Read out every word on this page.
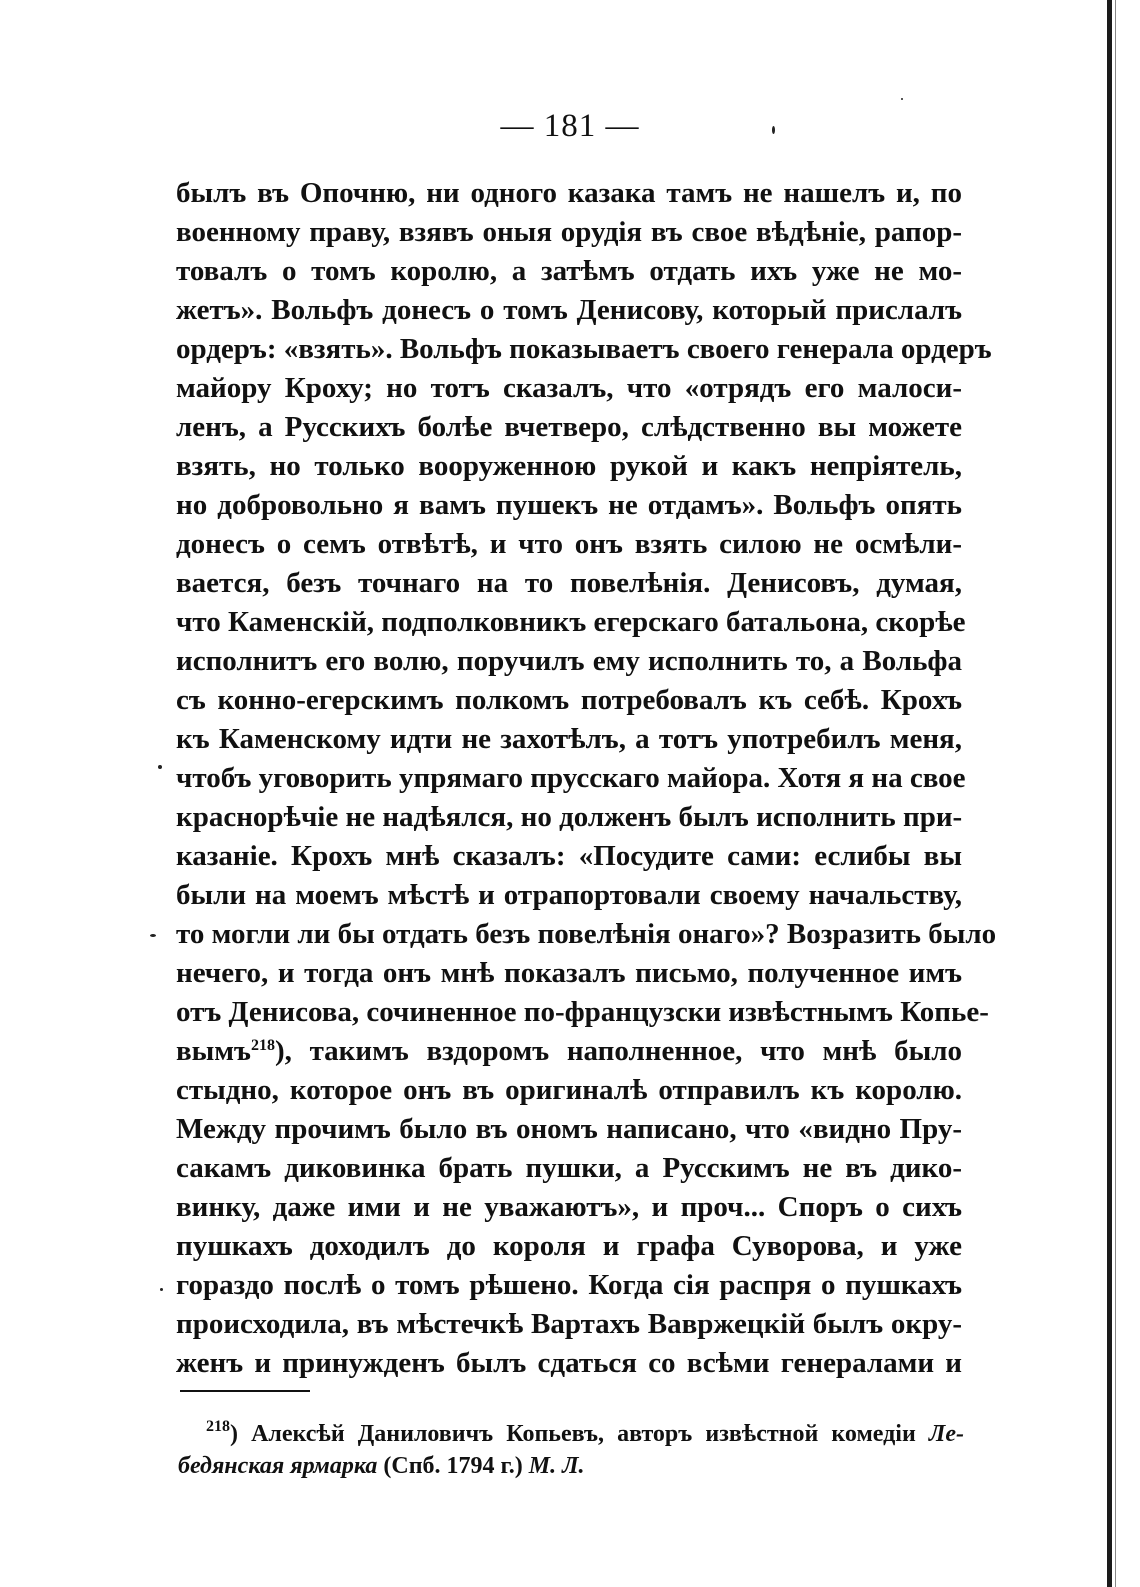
— 181 —
былъ въ Опочню, ни одного казака тамъ не нашелъ и, по
военному праву, взявъ оныя орудія въ свое вѣдѣніе, рапор-
товалъ о томъ королю, а затѣмъ отдать ихъ уже не мо-
жетъ». Вольфъ донесъ о томъ Денисову, который прислалъ
ордеръ: «взять». Вольфъ показываетъ своего генерала ордеръ
майору Кроху; но тотъ сказалъ, что «отрядъ его малоси-
ленъ, а Русскихъ болѣе вчетверо, слѣдственно вы можете
взять, но только вооруженною рукой и какъ непріятель,
но добровольно я вамъ пушекъ не отдамъ». Вольфъ опять
донесъ о семъ отвѣтѣ, и что онъ взять силою не осмѣли-
вается, безъ точнаго на то повелѣнія. Денисовъ, думая,
что Каменскій, подполковникъ егерскаго батальона, скорѣе
исполнитъ его волю, поручилъ ему исполнить то, а Вольфа
съ конно-егерскимъ полкомъ потребовалъ къ себѣ. Крохъ
къ Каменскому идти не захотѣлъ, а тотъ употребилъ меня,
чтобъ уговорить упрямаго прусскаго майора. Хотя я на свое
краснорѣчіе не надѣялся, но долженъ былъ исполнить при-
казаніе. Крохъ мнѣ сказалъ: «Посудите сами: еслибы вы
были на моемъ мѣстѣ и отрапортовали своему начальству,
то могли ли бы отдать безъ повелѣнія онаго»? Возразить было
нечего, и тогда онъ мнѣ показалъ письмо, полученное имъ
отъ Денисова, сочиненное по-французски извѣстнымъ Копье-
вымъ$^{218}$), такимъ вздоромъ наполненное, что мнѣ было
стыдно, которое онъ въ оригиналѣ отправилъ къ королю.
Между прочимъ было въ ономъ написано, что «видно Пру-
сакамъ диковинка брать пушки, а Русскимъ не въ дико-
винку, даже ими и не уважаютъ», и проч... Споръ о сихъ
пушкахъ доходилъ до короля и графа Суворова, и уже
гораздо послѣ о томъ рѣшено. Когда сія распря о пушкахъ
происходила, въ мѣстечкѣ Вартахъ Вавржецкій былъ окру-
женъ и принужденъ былъ сдаться со всѣми генералами и
$^{218}$) Алексѣй Даниловичъ Копьевъ, авторъ извѣстной комедіи Ле-
бедянская ярмарка (Спб. 1794 г.) М. Л.
